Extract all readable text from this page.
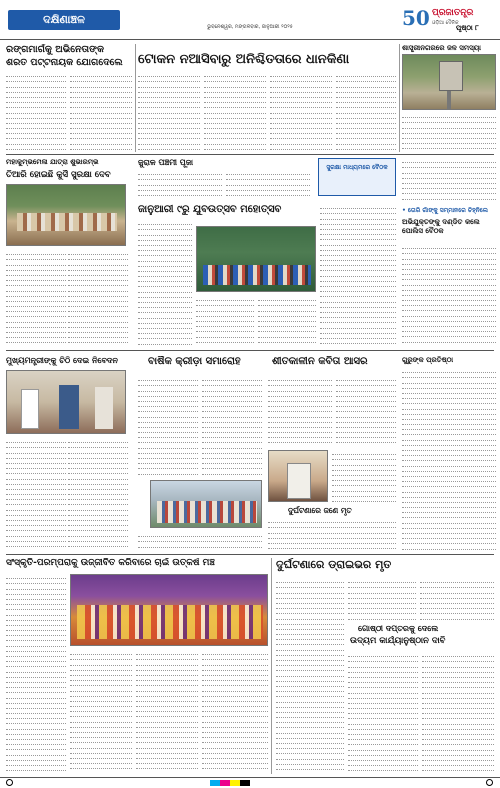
ଦକ୍ଷିଣାଞ୍ଚଳ
ଭୁବନେଶ୍ୱର, ମଙ୍ଗଳବାର, ଜାନୁଆରୀ ୨୦୨୫	50 ପ୍ରଜାତନ୍ତ୍ର
ଓଡ଼ିଆ ଦୈନିକ
ପୃଷ୍ଠା ୮
ରଙ୍ଗମାର୍ଗକୁ ଅଭିନେତାଙ୍କ
ଶରତ ପଟ୍ଟନାୟକ ଯୋଗଦେଲେ	ଟୋକନ ନଆସିବାରୁ ଅନିଶ୍ଚିତତାରେ ଧାନକିଣା
ଶାସ୍ତ୍ରୀନଗରରେ ଜଳ ସମସ୍ୟା
ମହାକୁମ୍ଭମେଳା ଯାତ୍ରା ଶୁଭାରମ୍ଭ
ତିଆରି ହୋଇଛି କୁର୍ସି ସୁରକ୍ଷା ଦେବ
ଜୁରାଳ ପଞ୍ଚମୀ ପୂଜା
ସୁରକ୍ଷା ମାଧ୍ୟମରେ ବୈଠକ
ଜାନୁଆରୀ ୯ରୁ ଯୁବଉତ୍ସବ ମହୋତ୍ସବ	• ତୋରି ଗାଁଙ୍କୁ ସମ୍ମାନରେ ଚିହ୍ନିଲେ
ଅଭିଯୁକ୍ତଙ୍କୁ ଦଣ୍ଡିତ କଲେ ପୋଲିସ ବୈଠକ
ମୁଖ୍ୟମନ୍ତ୍ରୀଙ୍କୁ ଚିଠି ଦେଇ ନିବେଦନ	ବାର୍ଷିକ କ୍ରୀଡ଼ା ସମାରୋହ	ଶୀତକାଳୀନ କବିତା ଆସର
ଦୁର୍ଘଟଣାରେ ଜଣେ ମୃତ
ଗୁରୁଙ୍କ ପ୍ରତିଷ୍ଠା
ସଂସ୍କୃତି-ପରମ୍ପରାକୁ ଉଜ୍ଜୀବିତ କରିବାରେ ଚାଇଁ ଉତ୍କର୍ଷ ମଞ୍ଚ	ଦୁର୍ଘଟଣାରେ ଡ୍ରାଇଭର ମୃତ
ଗୋଷ୍ଠୀ ଦପ୍ତରକୁ ଦେଲେ
ଉଦ୍ୟମ କାର୍ଯ୍ୟାନୁଷ୍ଠାନ ଦାବି
